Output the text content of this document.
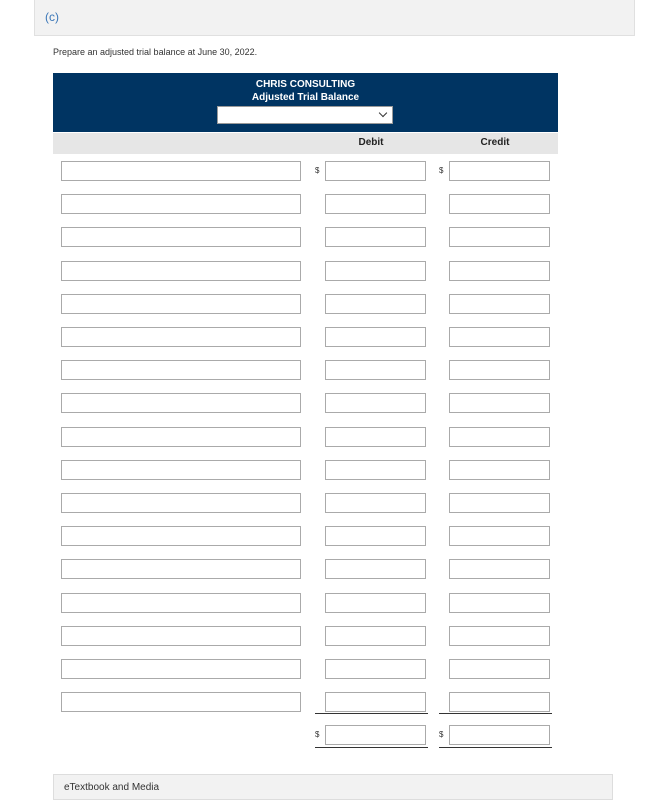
(c)
Prepare an adjusted trial balance at June 30, 2022.
CHRIS CONSULTING
Adjusted Trial Balance
Debit	Credit
$	$
$	$
eTextbook and Media
